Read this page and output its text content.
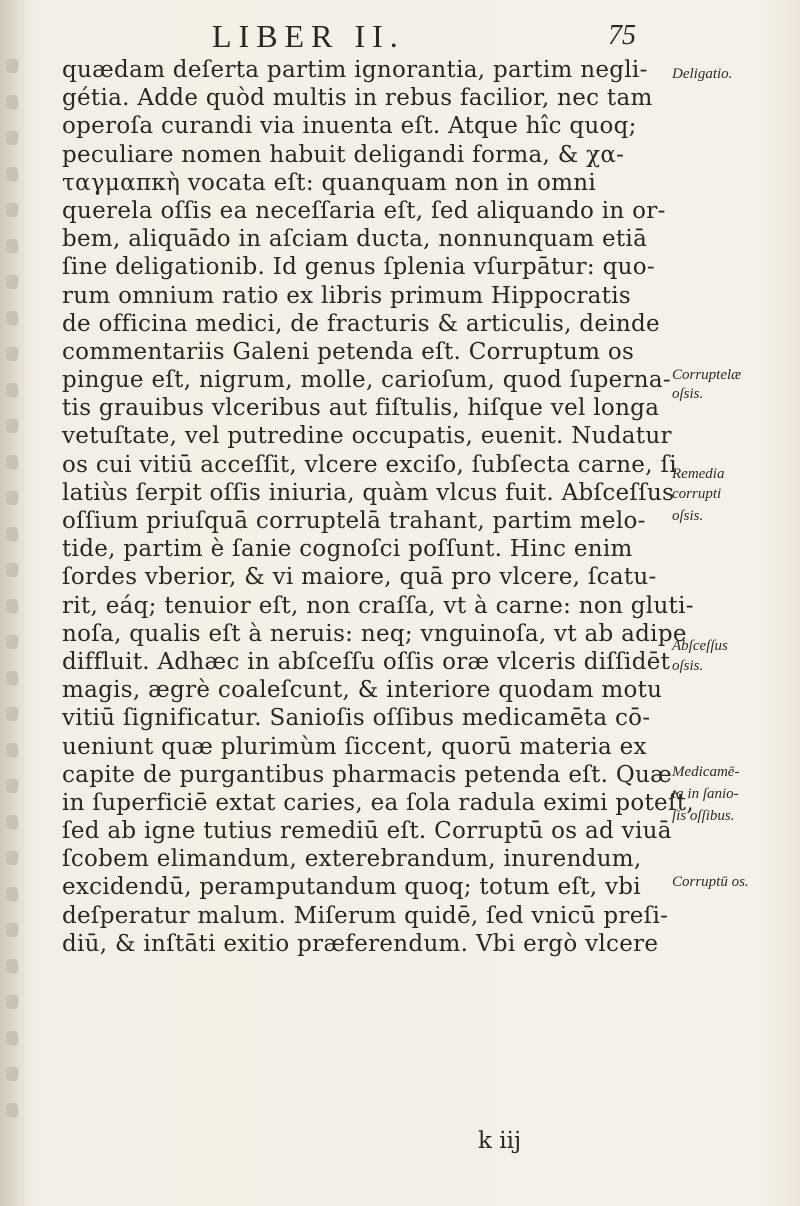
LIBER II.	75
quædam deſerta partim ignorantia, partim negli-
gétia. Adde quòd multis in rebus facilior, nec tam
operoſa curandi via inuenta eſt. Atque hîc quoq;
peculiare nomen habuit deligandi forma, & χα-
ταγμαπκὴ vocata eſt: quanquam non in omni
querela oſſis ea neceſſaria eſt, ſed aliquando in or-
bem, aliquādo in aſciam ducta, nonnunquam etiā
ſine deligationib. Id genus ſplenia vſurpātur: quo-
rum omnium ratio ex libris primum Hippocratis
de officina medici, de fracturis & articulis, deinde
commentariis Galeni petenda eſt. Corruptum os
pingue eſt, nigrum, molle, carioſum, quod ſuperna-
tis grauibus vlceribus aut fiſtulis, hiſque vel longa
vetuſtate, vel putredine occupatis, euenit. Nudatur
os cui vitiū acceſſit, vlcere exciſo, ſubſecta carne, ſi
latiùs ſerpit oſſis iniuria, quàm vlcus fuit. Abſceſſus
oſſium priuſquā corruptelā trahant, partim melo-
tide, partim è ſanie cognoſci poſſunt. Hinc enim
ſordes vberior, & vi maiore, quā pro vlcere, ſcatu-
rit, eáq; tenuior eſt, non craſſa, vt à carne: non gluti-
noſa, qualis eſt à neruis: neq; vnguinoſa, vt ab adipe
diffluit. Adhæc in abſceſſu oſſis oræ vlceris diſſidēt
magis, ægrè coaleſcunt, & interiore quodam motu
vitiū ſignificatur. Sanioſis oſſibus medicamēta cō-
ueniunt quæ plurimùm ſiccent, quorū materia ex
capite de purgantibus pharmacis petenda eſt. Quæ
in ſuperficiē extat caries, ea ſola radula eximi poteſt,
ſed ab igne tutius remediū eſt. Corruptū os ad viuā
ſcobem elimandum, exterebrandum, inurendum,
excidendū, peramputandum quoq; totum eſt, vbi
deſperatur malum. Miſerum quidē, ſed vnicū preſi-
diū, & inſtāti exitio præferendum. Vbi ergò vlcere
k iij
Deligatio.
Corruptelæ
oſsis.
Remedia
corrupti
oſsis.
Abſceſſus
oſsis.
Medicamē-
ta in ſanio-
ſis oſſibus.
Corruptū os.
